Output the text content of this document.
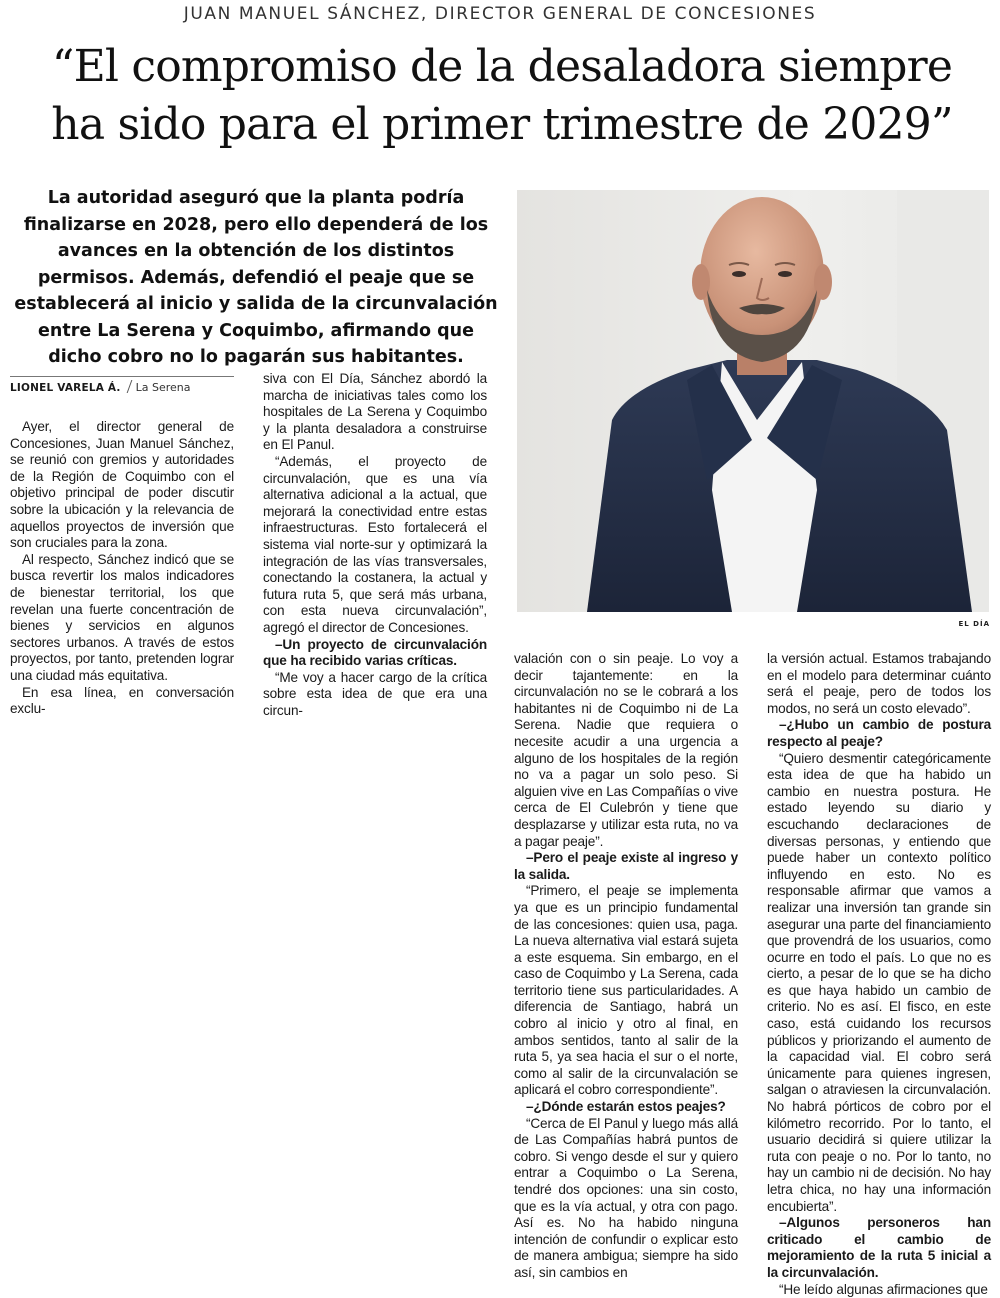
JUAN MANUEL SÁNCHEZ, DIRECTOR GENERAL DE CONCESIONES
“El compromiso de la desaladora siempre
ha sido para el primer trimestre de 2029”

La autoridad aseguró que la planta podría finalizarse en 2028, pero ello dependerá de los avances en la obtención de los distintos permisos. Además, defendió el peaje que se establecerá al inicio y salida de la circunvalación entre La Serena y Coquimbo, afirmando que dicho cobro no lo pagarán sus habitantes.

EL DÍA
LIONEL VARELA Á. La Serena

Ayer, el director general de Concesiones, Juan Manuel Sánchez, se reunió con gremios y autoridades de la Región de Coquimbo con el objetivo principal de poder discutir sobre la ubicación y la relevancia de aquellos proyectos de inversión que son cruciales para la zona.

Al respecto, Sánchez indicó que se busca revertir los malos indicadores de bienestar territorial, los que revelan una fuerte concentración de bienes y servicios en algunos sectores urbanos. A través de estos proyectos, por tanto, pretenden lograr una ciudad más equitativa.

En esa línea, en conversación exclu-

siva con El Día, Sánchez abordó la marcha de iniciativas tales como los hospitales de La Serena y Coquimbo y la planta desaladora a construirse en El Panul.

“Además, el proyecto de circunvalación, que es una vía alternativa adicional a la actual, que mejorará la conectividad entre estas infraestructuras. Esto fortalecerá el sistema vial norte-sur y optimizará la integración de las vías transversales, conectando la costanera, la actual y futura ruta 5, que será más urbana, con esta nueva circunvalación”, agregó el director de Concesiones.

–Un proyecto de circunvalación que ha recibido varias críticas.

“Me voy a hacer cargo de la crítica sobre esta idea de que era una circun-

valación con o sin peaje. Lo voy a decir tajantemente: en la circunvalación no se le cobrará a los habitantes ni de Coquimbo ni de La Serena. Nadie que requiera o necesite acudir a una urgencia a alguno de los hospitales de la región no va a pagar un solo peso. Si alguien vive en Las Compañías o vive cerca de El Culebrón y tiene que desplazarse y utilizar esta ruta, no va a pagar peaje”.

–Pero el peaje existe al ingreso y la salida.

“Primero, el peaje se implementa ya que es un principio fundamental de las concesiones: quien usa, paga. La nueva alternativa vial estará sujeta a este esquema. Sin embargo, en el caso de Coquimbo y La Serena, cada territorio tiene sus particularidades. A diferencia de Santiago, habrá un cobro al inicio y otro al final, en ambos sentidos, tanto al salir de la ruta 5, ya sea hacia el sur o el norte, como al salir de la circunvalación se aplicará el cobro correspondiente”.

–¿Dónde estarán estos peajes?

“Cerca de El Panul y luego más allá de Las Compañías habrá puntos de cobro. Si vengo desde el sur y quiero entrar a Coquimbo o La Serena, tendré dos opciones: una sin costo, que es la vía actual, y otra con pago. Así es. No ha habido ninguna intención de confundir o explicar esto de manera ambigua; siempre ha sido así, sin cambios en

la versión actual. Estamos trabajando en el modelo para determinar cuánto será el peaje, pero de todos los modos, no será un costo elevado”.

–¿Hubo un cambio de postura respecto al peaje?

“Quiero desmentir categóricamente esta idea de que ha habido un cambio en nuestra postura. He estado leyendo su diario y escuchando declaraciones de diversas personas, y entiendo que puede haber un contexto político influyendo en esto. No es responsable afirmar que vamos a realizar una inversión tan grande sin asegurar una parte del financiamiento que provendrá de los usuarios, como ocurre en todo el país. Lo que no es cierto, a pesar de lo que se ha dicho es que haya habido un cambio de criterio. No es así. El fisco, en este caso, está cuidando los recursos públicos y priorizando el aumento de la capacidad vial. El cobro será únicamente para quienes ingresen, salgan o atraviesen la circunvalación. No habrá pórticos de cobro por el kilómetro recorrido. Por lo tanto, el usuario decidirá si quiere utilizar la ruta con peaje o no. Por lo tanto, no hay un cambio ni de decisión. No hay letra chica, no hay una información encubierta”.

–Algunos personeros han criticado el cambio de mejoramiento de la ruta 5 inicial a la circunvalación.

“He leído algunas afirmaciones que
